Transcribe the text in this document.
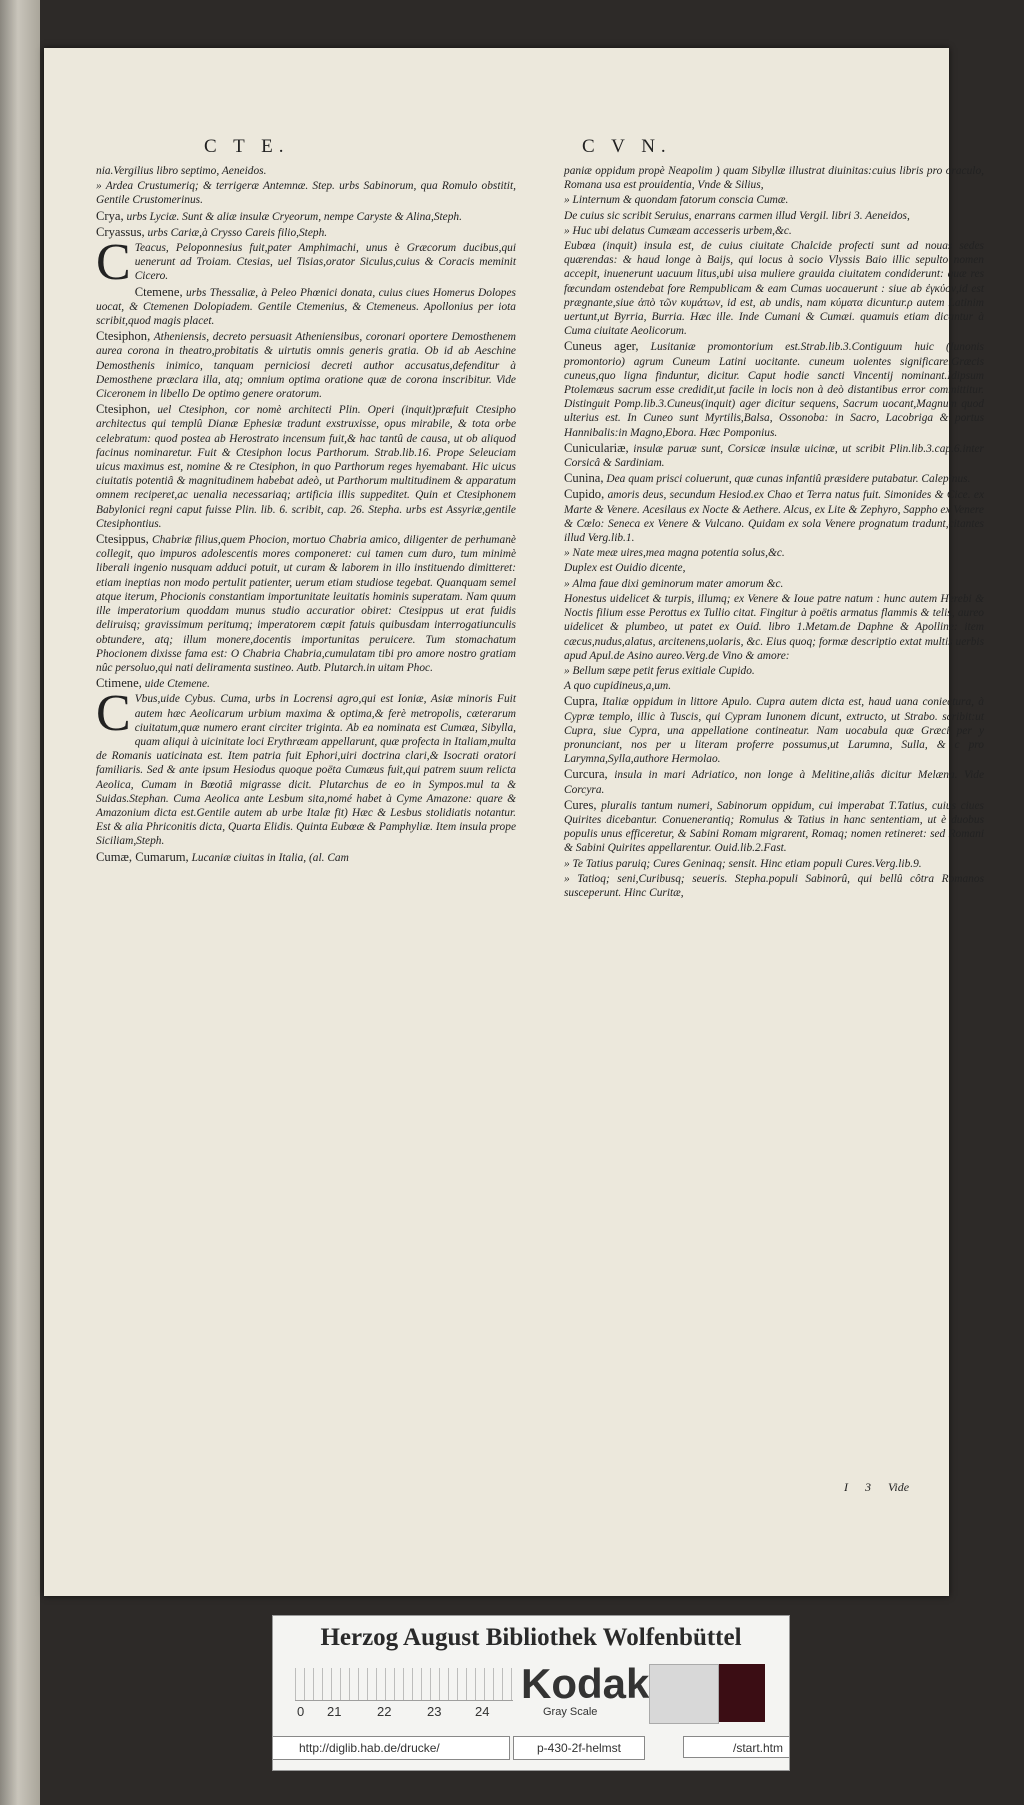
C T E.	C V N.

nia.Vergilius libro septimo, Aeneidos.

» Ardea Crustumeriq; & terrigeræ Antemnæ. Step. urbs Sabinorum, qua Romulo obstitit, Gentile Crustomerinus.

Crya, urbs Lyciæ. Sunt & aliæ insulæ Cryeorum, nempe Caryste & Alina,Steph.

Cryassus, urbs Cariæ,à Crysso Careis filio,Steph.

C Teacus, Peloponnesius fuit,pater Amphimachi, unus è Græcorum ducibus,qui uenerunt ad Troiam. Ctesias, uel Tisias,orator Siculus,cuius & Coracis meminit Cicero.

Ctemene, urbs Thessaliæ, à Peleo Phœnici donata, cuius ciues Homerus Dolopes uocat, & Ctemenen Dolopiadem. Gentile Ctemenius, & Ctemeneus. Apollonius per iota scribit,quod magis placet.

Ctesiphon, Atheniensis, decreto persuasit Atheniensibus, coronari oportere Demosthenem aurea corona in theatro,probitatis & uirtutis omnis generis gratia. Ob id ab Aeschine Demosthenis inimico, tanquam perniciosi decreti author accusatus,defenditur à Demosthene præclara illa, atq; omnium optima oratione quæ de corona inscribitur. Vide Ciceronem in libello De optimo genere oratorum.

Ctesiphon, uel Ctesiphon, cor nomè architecti Plin. Operi (inquit)præfuit Ctesipho architectus qui templû Dianæ Ephesiæ tradunt exstruxisse, opus mirabile, & tota orbe celebratum: quod postea ab Herostrato incensum fuit,& hac tantû de causa, ut ob aliquod facinus nominaretur. Fuit & Ctesiphon locus Parthorum. Strab.lib.16. Prope Seleuciam uicus maximus est, nomine & re Ctesiphon, in quo Parthorum reges hyemabant. Hic uicus ciuitatis potentiâ & magnitudinem habebat adeò, ut Parthorum multitudinem & apparatum omnem reciperet,ac uenalia necessariaq; artificia illis suppeditet. Quin et Ctesiphonem Babylonici regni caput fuisse Plin. lib. 6. scribit, cap. 26. Stepha. urbs est Assyriæ,gentile Ctesiphontius.

Ctesippus, Chabriæ filius,quem Phocion, mortuo Chabria amico, diligenter de perhumanè collegit, quo impuros adolescentis mores componeret: cui tamen cum duro, tum minimè liberali ingenio nusquam adduci potuit, ut curam & laborem in illo instituendo dimitteret: etiam ineptias non modo pertulit patienter, uerum etiam studiose tegebat. Quanquam semel atque iterum, Phocionis constantiam importunitate leuitatis hominis superatam. Nam quum ille imperatorium quoddam munus studio accuratior obiret: Ctesippus ut erat fuidis deliruisq; gravissimum peritumq; imperatorem cœpit fatuis quibusdam interrogatiunculis obtundere, atq; illum monere,docentis importunitas peruicere. Tum stomachatum Phocionem dixisse fama est: O Chabria Chabria,cumulatam tibi pro amore nostro gratiam nûc persoluo,qui nati deliramenta sustineo. Autb. Plutarch.in uitam Phoc.

Ctimene, uide Ctemene.

C Vbus,uide Cybus. Cuma, urbs in Locrensi agro,qui est Ioniæ, Asiæ minoris Fuit autem hæc Aeolicarum urbium maxima & optima,& ferè metropolis, cæterarum ciuitatum,quæ numero erant circiter triginta. Ab ea nominata est Cumæa, Sibylla, quam aliqui à uicinitate loci Erythræam appellarunt, quæ profecta in Italiam,multa de Romanis uaticinata est. Item patria fuit Ephori,uiri doctrina clari,& Isocrati oratori familiaris. Sed & ante ipsum Hesiodus quoque poëta Cumæus fuit,qui patrem suum relicta Aeolica, Cumam in Bœotiâ migrasse dicit. Plutarchus de eo in Sympos.mul ta & Suidas.Stephan. Cuma Aeolica ante Lesbum sita,nomé habet à Cyme Amazone: quare & Amazonium dicta est.Gentile autem ab urbe Italæ fit) Hæc & Lesbus stolidiatis notantur. Est & alia Phriconitis dicta, Quarta Elidis. Quinta Eubœæ & Pamphyliæ. Item insula prope Siciliam,Steph.

Cumæ, Cumarum, Lucaniæ ciuitas in Italia, (al. Cam

paniæ oppidum propè Neapolim ) quam Sibyllæ illustrat diuinitas:cuius libris pro oraculo, Romana usa est prouidentia, Vnde & Silius,

» Linternum & quondam fatorum conscia Cumæ.

De cuius sic scribit Seruius, enarrans carmen illud Vergil. libri 3. Aeneidos,

» Huc ubi delatus Cumæam accesseris urbem,&c.

Eubœa (inquit) insula est, de cuius ciuitate Chalcide profecti sunt ad nouas sedes quærendas: & haud longe à Baijs, qui locus à socio Vlyssis Baio illic sepulto nomen accepit, inuenerunt uacuum litus,ubi uisa muliere grauida ciuitatem condiderunt: quæ res fœcundam ostendebat fore Rempublicam & eam Cumas uocauerunt : siue ab ἐγκύον,id est prægnante,siue ἀπὸ τῶν κυμάτων, id est, ab undis, nam κύματα dicuntur.ρ autem Latinim uertunt,ut Byrria, Burria. Hæc ille. Inde Cumani & Cumæi. quamuis etiam dicantur à Cuma ciuitate Aeolicorum.

Cuneus ager, Lusitaniæ promontorium est.Strab.lib.3.Contiguum huic (Iunonis promontorio) agrum Cuneum Latini uocitante. cuneum uolentes significare.Græcis cuneus,quo ligna finduntur, dicitur. Caput hodie sancti Vincentij nominant.Idipsum Ptolemæus sacrum esse credidit,ut facile in locis non à deò distantibus error committitur. Distinguit Pomp.lib.3.Cuneus(inquit) ager dicitur sequens, Sacrum uocant,Magnum quod ulterius est. In Cuneo sunt Myrtilis,Balsa, Ossonoba: in Sacro, Lacobriga & portus Hannibalis:in Magno,Ebora. Hæc Pomponius.

Cuniculariæ, insulæ paruæ sunt, Corsicæ insulæ uicinæ, ut scribit Plin.lib.3.cap.6.inter Corsicâ & Sardiniam.

Cunina, Dea quam prisci coluerunt, quæ cunas infantiû præsidere putabatur. Calepinus.

Cupido, amoris deus, secundum Hesiod.ex Chao et Terra natus fuit. Simonides & Cice. ex Marte & Venere. Acesilaus ex Nocte & Aethere. Alcus, ex Lite & Zephyro, Sappho ex Venere & Cœlo: Seneca ex Venere & Vulcano. Quidam ex sola Venere prognatum tradunt,citantes illud Verg.lib.1.

» Nate meæ uires,mea magna potentia solus,&c.

Duplex est Ouidio dicente,

» Alma faue dixi geminorum mater amorum &c.

Honestus uidelicet & turpis, illumq; ex Venere & Ioue patre natum : hunc autem Herebi & Noctis filium esse Perottus ex Tullio citat. Fingitur à poëtis armatus flammis & telis, aureo uidelicet & plumbeo, ut patet ex Ouid. libro 1.Metam.de Daphne & Apolline: item cæcus,nudus,alatus, arcitenens,uolaris, &c. Eius quoq; formæ descriptio extat multis uerbis apud Apul.de Asino aureo.Verg.de Vino & amore:

» Bellum sæpe petit ferus exitiale Cupido.

A quo cupidineus,a,um.

Cupra, Italiæ oppidum in littore Apulo. Cupra autem dicta est, haud uana coniectura, à Cypræ templo, illic à Tuscis, qui Cypram Iunonem dicunt, extructo, ut Strabo. scribit:ut Cupra, siue Cypra, una appellatione contineatur. Nam uocabula quæ Græci per y pronunciant, nos per u literam proferre possumus,ut Larumna, Sulla, & c pro Larymna,Sylla,authore Hermolao.

Curcura, insula in mari Adriatico, non longe à Melitine,aliâs dicitur Melæna. Vide Corcyra.

Cures, pluralis tantum numeri, Sabinorum oppidum, cui imperabat T.Tatius, cuius ciues Quirites dicebantur. Conuenerantiq; Romulus & Tatius in hanc sententiam, ut è duobus populis unus efficeretur, & Sabini Romam migrarent, Romaq; nomen retineret: sed Romani & Sabini Quirites appellarentur. Ouid.lib.2.Fast.

» Te Tatius paruiq; Cures Geninaq; sensit. Hinc etiam populi Cures.Verg.lib.9.

» Tatioq; seni,Curibusq; seueris. Stepha.populi Sabinorû, qui bellû côtra Romanos susceperunt. Hinc Curitæ,

I 3 Vide
Herzog August Bibliothek Wolfenbüttel
0 21	22	23	24
Kodak
Gray Scale
http://diglib.hab.de/drucke/	p-430-2f-helmst	/start.htm
